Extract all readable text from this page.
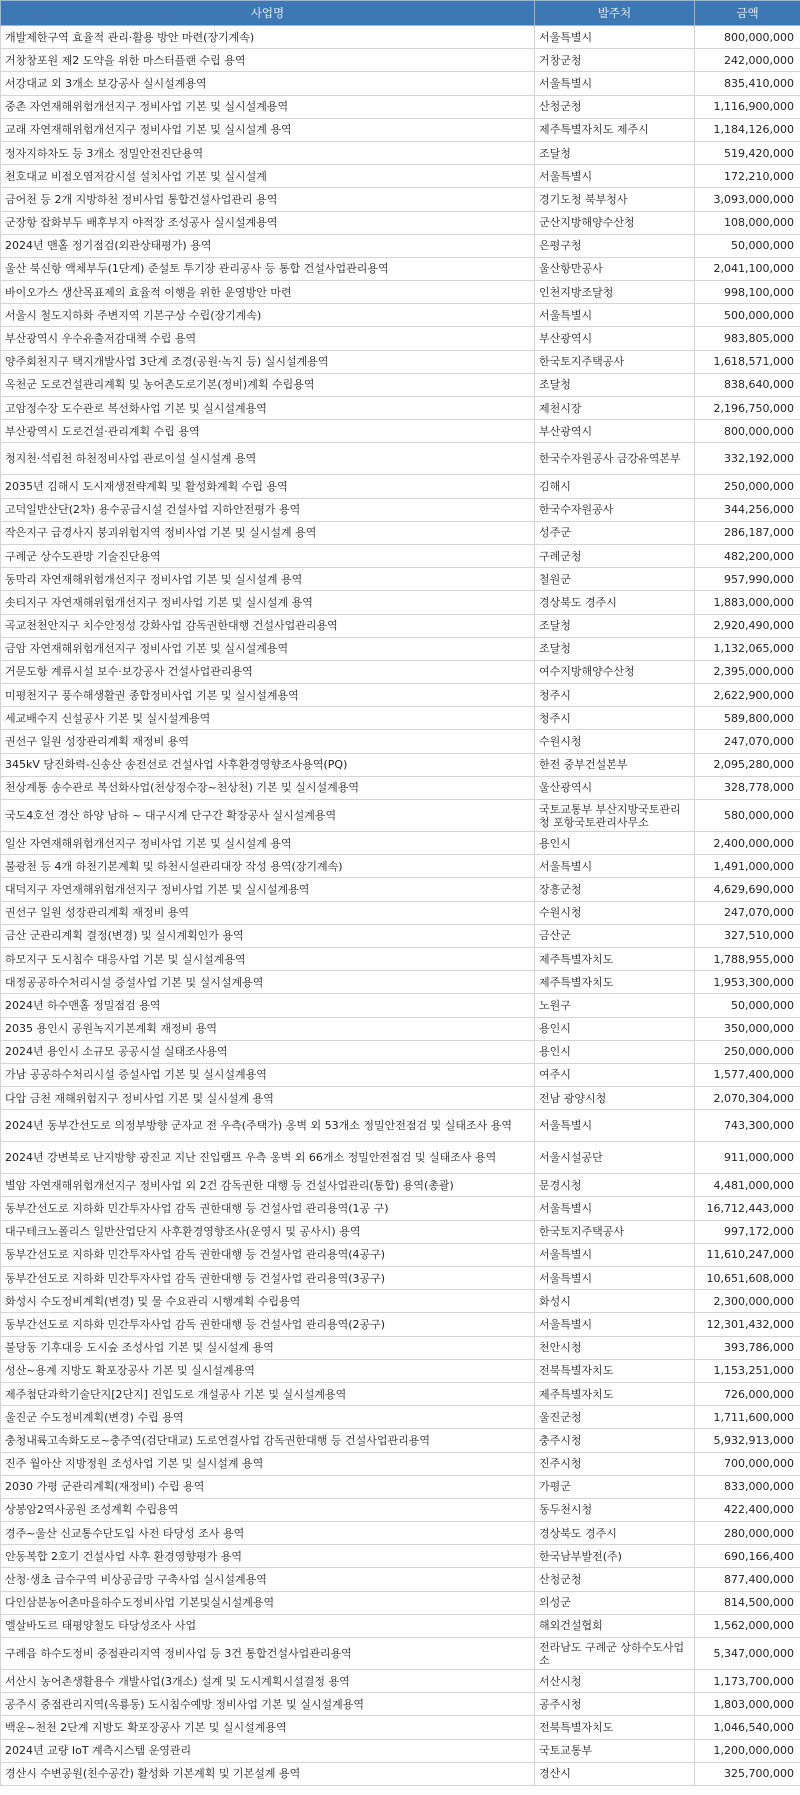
사업명	발주처	금액
개발제한구역 효율적 관리·활용 방안 마련(장기계속)	서울특별시	800,000,000
거창창포원 제2 도약을 위한 마스터플랜 수립 용역	거창군청	242,000,000
서강대교 외 3개소 보강공사 실시설계용역	서울특별시	835,410,000
중촌 자연재해위험개선지구 정비사업 기본 및 실시설계용역	산청군청	1,116,900,000
교래 자연재해위험개선지구 정비사업 기본 및 실시설계 용역	제주특별자치도 제주시	1,184,126,000
정자지하차도 등 3개소 정밀안전진단용역	조달청	519,420,000
천호대교 비점오염저감시설 설치사업 기본 및 실시설계	서울특별시	172,210,000
금어천 등 2개 지방하천 정비사업 통합건설사업관리 용역	경기도청 북부청사	3,093,000,000
군장항 잡화부두 배후부지 야적장 조성공사 실시설계용역	군산지방해양수산청	108,000,000
2024년 맨홀 정기점검(외관상태평가) 용역	은평구청	50,000,000
울산 북신항 액체부두(1단계) 준설토 투기장 관리공사 등 통합 건설사업관리용역	울산항만공사	2,041,100,000
바이오가스 생산목표제의 효율적 이행을 위한 운영방안 마련	인천지방조달청	998,100,000
서울시 철도지하화 주변지역 기본구상 수립(장기계속)	서울특별시	500,000,000
부산광역시 우수유출저감대책 수립 용역	부산광역시	983,805,000
양주회천지구 택지개발사업 3단계 조경(공원·녹지 등) 실시설계용역	한국토지주택공사	1,618,571,000
옥천군 도로건설관리계획 및 농어촌도로기본(정비)계획 수립용역	조달청	838,640,000
고암정수장 도수관로 복선화사업 기본 및 실시설계용역	제천시장	2,196,750,000
부산광역시 도로건설·관리계획 수립 용역	부산광역시	800,000,000
청지천·석림천 하천정비사업 관로이설 실시설계 용역	한국수자원공사 금강유역본부	332,192,000
2035년 김해시 도시재생전략계획 및 활성화계획 수립 용역	김해시	250,000,000
고덕일반산단(2차) 용수공급시설 건설사업 지하안전평가 용역	한국수자원공사	344,256,000
작은지구 급경사지 붕괴위험지역 정비사업 기본 및 실시설계 용역	성주군	286,187,000
구례군 상수도관망 기술진단용역	구례군청	482,200,000
동막리 자연재해위험개선지구 정비사업 기본 및 실시설계 용역	철원군	957,990,000
솟티지구 자연재해위험개선지구 정비사업 기본 및 실시설계 용역	경상북도 경주시	1,883,000,000
곡교천천안지구 치수안정성 강화사업 감독권한대행 건설사업관리용역	조달청	2,920,490,000
금암 자연재해위험개선지구 정비사업 기본 및 실시설계용역	조달청	1,132,065,000
거문도항 계류시설 보수·보강공사 건설사업관리용역	여수지방해양수산청	2,395,000,000
미평천지구 풍수해생활권 종합정비사업 기본 및 실시설계용역	청주시	2,622,900,000
세교배수지 신설공사 기본 및 실시설계용역	청주시	589,800,000
권선구 일원 성장관리계획 재정비 용역	수원시청	247,070,000
345kV 당진화력-신송산 송전선로 건설사업 사후환경영향조사용역(PQ)	한전 중부건설본부	2,095,280,000
천상계통 송수관로 복선화사업(천상정수장~천상천) 기본 및 실시설계용역	울산광역시	328,778,000
국도4호선 경산 하양 남하 ~ 대구시계 단구간 확장공사 실시설계용역	국토교통부 부산지방국토관리청 포항국토관리사무소	580,000,000
일산 자연재해위험개선지구 정비사업 기본 및 실시설계 용역	용인시	2,400,000,000
불광천 등 4개 하천기본계획 및 하천시설관리대장 작성 용역(장기계속)	서울특별시	1,491,000,000
대덕지구 자연재해위험개선지구 정비사업 기본 및 실시설계용역	장흥군청	4,629,690,000
권선구 일원 성장관리계획 재정비 용역	수원시청	247,070,000
금산 군관리계획 결정(변경) 및 실시계획인가 용역	금산군	327,510,000
하모지구 도시침수 대응사업 기본 및 실시설계용역	제주특별자치도	1,788,955,000
대정공공하수처리시설 증설사업 기본 및 실시설계용역	제주특별자치도	1,953,300,000
2024년 하수맨홀 정밀점검 용역	노원구	50,000,000
2035 용인시 공원녹지기본계획 재정비 용역	용인시	350,000,000
2024년 용인시 소규모 공공시설 실태조사용역	용인시	250,000,000
가남 공공하수처리시설 증설사업 기본 및 실시설계용역	여주시	1,577,400,000
다압 금천 재해위험지구 정비사업 기본 및 실시설계 용역	전남 광양시청	2,070,304,000
2024년 동부간선도로 의정부방향 군자교 전 우측(주택가) 옹벽 외 53개소 정밀안전점검 및 실태조사 용역	서울특별시	743,300,000
2024년 강변북로 난지방향 광진교 지난 진입램프 우측 옹벽 외 66개소 정밀안전점검 및 실태조사 용역	서울시설공단	911,000,000
별암 자연재해위험개선지구 정비사업 외 2건 감독권한 대행 등 건설사업관리(통합) 용역(총괄)	문경시청	4,481,000,000
동부간선도로 지하화 민간투자사업 감독 권한대행 등 건설사업 관리용역(1공 구)	서울특별시	16,712,443,000
대구테크노폴리스 일반산업단지 사후환경영향조사(운영시 및 공사시) 용역	한국토지주택공사	997,172,000
동부간선도로 지하화 민간투자사업 감독 권한대행 등 건설사업 관리용역(4공구)	서울특별시	11,610,247,000
동부간선도로 지하화 민간투자사업 감독 권한대행 등 건설사업 관리용역(3공구)	서울특별시	10,651,608,000
화성시 수도정비계획(변경) 및 물 수요관리 시행계획 수립용역	화성시	2,300,000,000
동부간선도로 지하화 민간투자사업 감독 권한대행 등 건설사업 관리용역(2공구)	서울특별시	12,301,432,000
불당동 기후대응 도시숲 조성사업 기본 및 실시설계 용역	천안시청	393,786,000
성산~용계 지방도 확포장공사 기본 및 실시설계용역	전북특별자치도	1,153,251,000
제주첨단과학기술단지[2단지] 진입도로 개설공사 기본 및 실시설계용역	제주특별자치도	726,000,000
울진군 수도정비계획(변경) 수립 용역	울진군청	1,711,600,000
충청내륙고속화도로~충주역(검단대교) 도로연결사업 감독권한대행 등 건설사업관리용역	충주시청	5,932,913,000
진주 월아산 지방정원 조성사업 기본 및 실시설계 용역	진주시청	700,000,000
2030 가평 군관리계획(재정비) 수립 용역	가평군	833,000,000
상봉암2역사공원 조성계획 수립용역	동두천시청	422,400,000
경주~울산 신교통수단도입 사전 타당성 조사 용역	경상북도 경주시	280,000,000
안동복합 2호기 건설사업 사후 환경영향평가 용역	한국남부발전(주)	690,166,400
산청·생초 급수구역 비상공급망 구축사업 실시설계용역	산청군청	877,400,000
다인삼분농어촌마을하수도정비사업 기본및실시설계용역	의성군	814,500,000
엘살바도르 태평양철도 타당성조사 사업	해외건설협회	1,562,000,000
구례읍 하수도정비 중점관리지역 정비사업 등 3건 통합건설사업관리용역	전라남도 구례군 상하수도사업소	5,347,000,000
서산시 농어촌생활용수 개발사업(3개소) 설계 및 도시계획시설결정 용역	서산시청	1,173,700,000
공주시 중점관리지역(옥룡동) 도시침수예방 정비사업 기본 및 실시설계용역	공주시청	1,803,000,000
백운~천천 2단계 지방도 확포장공사 기본 및 실시설계용역	전북특별자치도	1,046,540,000
2024년 교량 IoT 계측시스템 운영관리	국토교통부	1,200,000,000
경산시 수변공원(친수공간) 활성화 기본계획 및 기본설계 용역	경산시	325,700,000
